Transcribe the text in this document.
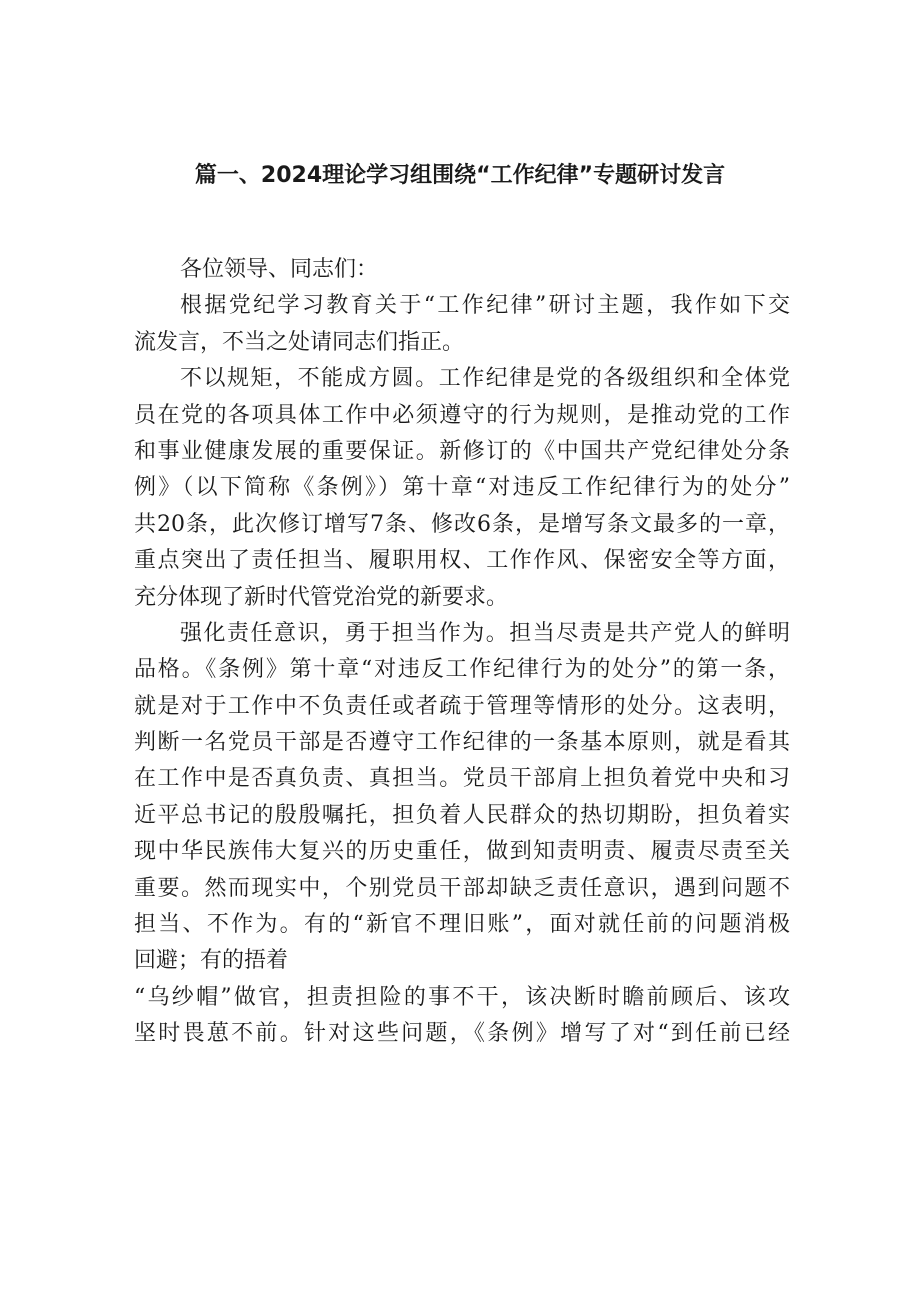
篇一、2024理论学习组围绕“工作纪律”专题研讨发言
各位领导、同志们：
根据党纪学习教育关于“工作纪律”研讨主题，我作如下交
流发言，不当之处请同志们指正。
不以规矩，不能成方圆。工作纪律是党的各级组织和全体党
员在党的各项具体工作中必须遵守的行为规则，是推动党的工作
和事业健康发展的重要保证。新修订的《中国共产党纪律处分条
例》（以下简称《条例》）第十章“对违反工作纪律行为的处分”
共20条，此次修订增写7条、修改6条，是增写条文最多的一章，
重点突出了责任担当、履职用权、工作作风、保密安全等方面，
充分体现了新时代管党治党的新要求。
强化责任意识，勇于担当作为。担当尽责是共产党人的鲜明
品格。《条例》第十章“对违反工作纪律行为的处分”的第一条，
就是对于工作中不负责任或者疏于管理等情形的处分。这表明，
判断一名党员干部是否遵守工作纪律的一条基本原则，就是看其
在工作中是否真负责、真担当。党员干部肩上担负着党中央和习
近平总书记的殷殷嘱托，担负着人民群众的热切期盼，担负着实
现中华民族伟大复兴的历史重任，做到知责明责、履责尽责至关
重要。然而现实中，个别党员干部却缺乏责任意识，遇到问题不
担当、不作为。有的“新官不理旧账”，面对就任前的问题消极
回避；有的捂着
“乌纱帽”做官，担责担险的事不干，该决断时瞻前顾后、该攻
坚时畏葸不前。针对这些问题，《条例》增写了对“到任前已经
